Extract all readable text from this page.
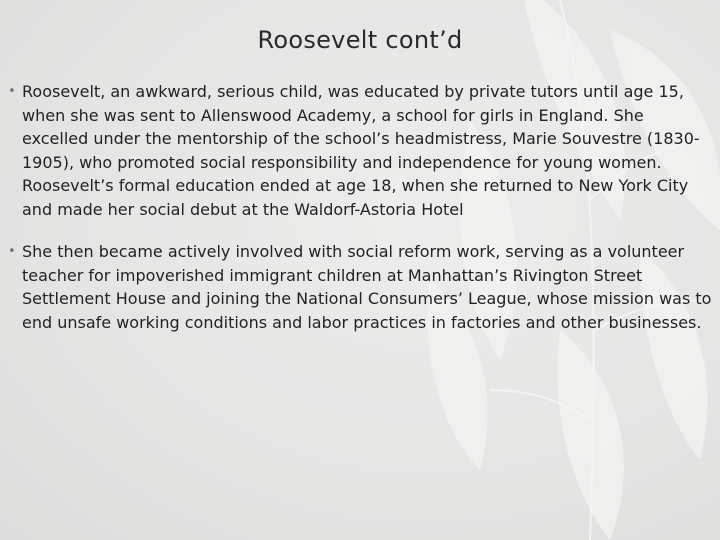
Roosevelt cont’d
• Roosevelt, an awkward, serious child, was educated by private tutors until age 15, when she was sent to Allenswood Academy, a school for girls in England. She excelled under the mentorship of the school’s headmistress, Marie Souvestre (1830-1905), who promoted social responsibility and independence for young women. Roosevelt’s formal education ended at age 18, when she returned to New York City and made her social debut at the Waldorf-Astoria Hotel
• She then became actively involved with social reform work, serving as a volunteer teacher for impoverished immigrant children at Manhattan’s Rivington Street Settlement House and joining the National Consumers’ League, whose mission was to end unsafe working conditions and labor practices in factories and other businesses.
